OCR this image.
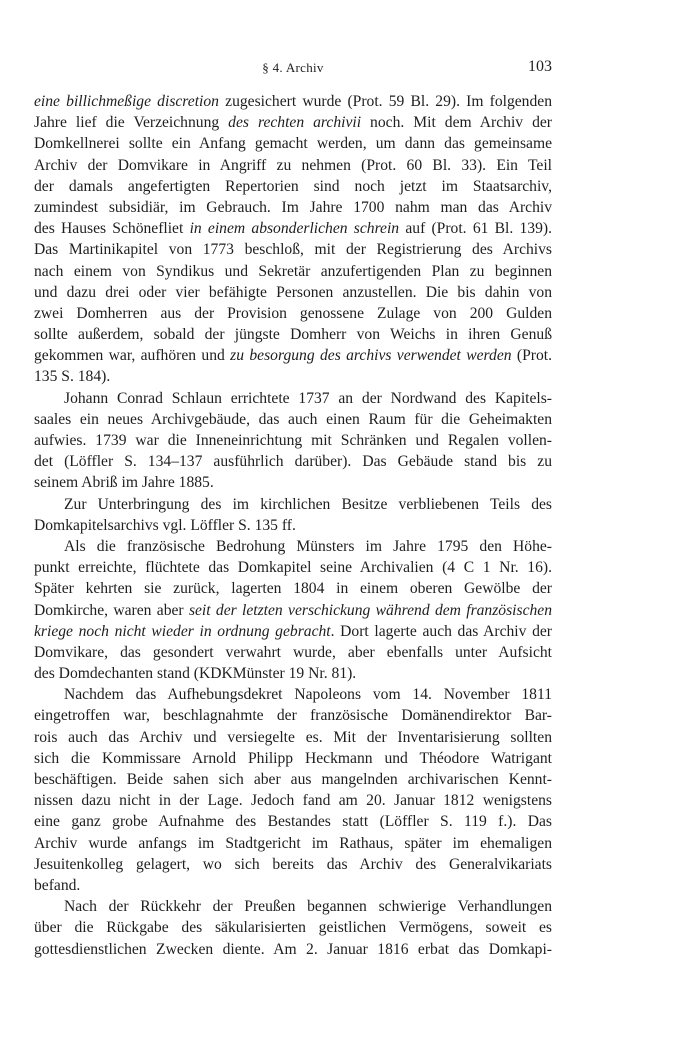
§ 4. Archiv	103
eine billichmeßige discretion zugesichert wurde (Prot. 59 Bl. 29). Im folgenden
Jahre lief die Verzeichnung des rechten archivii noch. Mit dem Archiv der
Domkellnerei sollte ein Anfang gemacht werden, um dann das gemeinsame
Archiv der Domvikare in Angriff zu nehmen (Prot. 60 Bl. 33). Ein Teil
der damals angefertigten Repertorien sind noch jetzt im Staatsarchiv,
zumindest subsidiär, im Gebrauch. Im Jahre 1700 nahm man das Archiv
des Hauses Schönefliet in einem absonderlichen schrein auf (Prot. 61 Bl. 139).
Das Martinikapitel von 1773 beschloß, mit der Registrierung des Archivs
nach einem von Syndikus und Sekretär anzufertigenden Plan zu beginnen
und dazu drei oder vier befähigte Personen anzustellen. Die bis dahin von
zwei Domherren aus der Provision genossene Zulage von 200 Gulden
sollte außerdem, sobald der jüngste Domherr von Weichs in ihren Genuß
gekommen war, aufhören und zu besorgung des archivs verwendet werden (Prot.
135 S. 184).
Johann Conrad Schlaun errichtete 1737 an der Nordwand des Kapitels-
saales ein neues Archivgebäude, das auch einen Raum für die Geheimakten
aufwies. 1739 war die Inneneinrichtung mit Schränken und Regalen vollen-
det (Löffler S. 134–137 ausführlich darüber). Das Gebäude stand bis zu
seinem Abriß im Jahre 1885.
Zur Unterbringung des im kirchlichen Besitze verbliebenen Teils des
Domkapitelsarchivs vgl. Löffler S. 135 ff.
Als die französische Bedrohung Münsters im Jahre 1795 den Höhe-
punkt erreichte, flüchtete das Domkapitel seine Archivalien (4 C 1 Nr. 16).
Später kehrten sie zurück, lagerten 1804 in einem oberen Gewölbe der
Domkirche, waren aber seit der letzten verschickung während dem französischen
kriege noch nicht wieder in ordnung gebracht. Dort lagerte auch das Archiv der
Domvikare, das gesondert verwahrt wurde, aber ebenfalls unter Aufsicht
des Domdechanten stand (KDKMünster 19 Nr. 81).
Nachdem das Aufhebungsdekret Napoleons vom 14. November 1811
eingetroffen war, beschlagnahmte der französische Domänendirektor Bar-
rois auch das Archiv und versiegelte es. Mit der Inventarisierung sollten
sich die Kommissare Arnold Philipp Heckmann und Théodore Watrigant
beschäftigen. Beide sahen sich aber aus mangelnden archivarischen Kennt-
nissen dazu nicht in der Lage. Jedoch fand am 20. Januar 1812 wenigstens
eine ganz grobe Aufnahme des Bestandes statt (Löffler S. 119 f.). Das
Archiv wurde anfangs im Stadtgericht im Rathaus, später im ehemaligen
Jesuitenkolleg gelagert, wo sich bereits das Archiv des Generalvikariats
befand.
Nach der Rückkehr der Preußen begannen schwierige Verhandlungen
über die Rückgabe des säkularisierten geistlichen Vermögens, soweit es
gottesdienstlichen Zwecken diente. Am 2. Januar 1816 erbat das Domkapi-
